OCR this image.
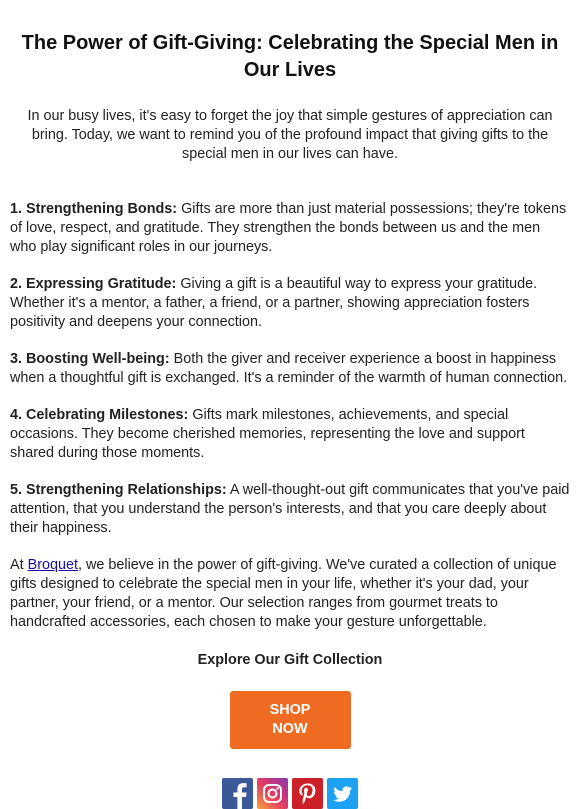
The Power of Gift-Giving: Celebrating the Special Men in Our Lives

In our busy lives, it's easy to forget the joy that simple gestures of appreciation can bring. Today, we want to remind you of the profound impact that giving gifts to the special men in our lives can have.

1. Strengthening Bonds: Gifts are more than just material possessions; they're tokens of love, respect, and gratitude. They strengthen the bonds between us and the men who play significant roles in our journeys.

2. Expressing Gratitude: Giving a gift is a beautiful way to express your gratitude. Whether it's a mentor, a father, a friend, or a partner, showing appreciation fosters positivity and deepens your connection.

3. Boosting Well-being: Both the giver and receiver experience a boost in happiness when a thoughtful gift is exchanged. It's a reminder of the warmth of human connection.

4. Celebrating Milestones: Gifts mark milestones, achievements, and special occasions. They become cherished memories, representing the love and support shared during those moments.

5. Strengthening Relationships: A well-thought-out gift communicates that you've paid attention, that you understand the person's interests, and that you care deeply about their happiness.

At Broquet, we believe in the power of gift-giving. We've curated a collection of unique gifts designed to celebrate the special men in your life, whether it's your dad, your partner, your friend, or a mentor. Our selection ranges from gourmet treats to handcrafted accessories, each chosen to make your gesture unforgettable.

Explore Our Gift Collection

SHOP NOW
